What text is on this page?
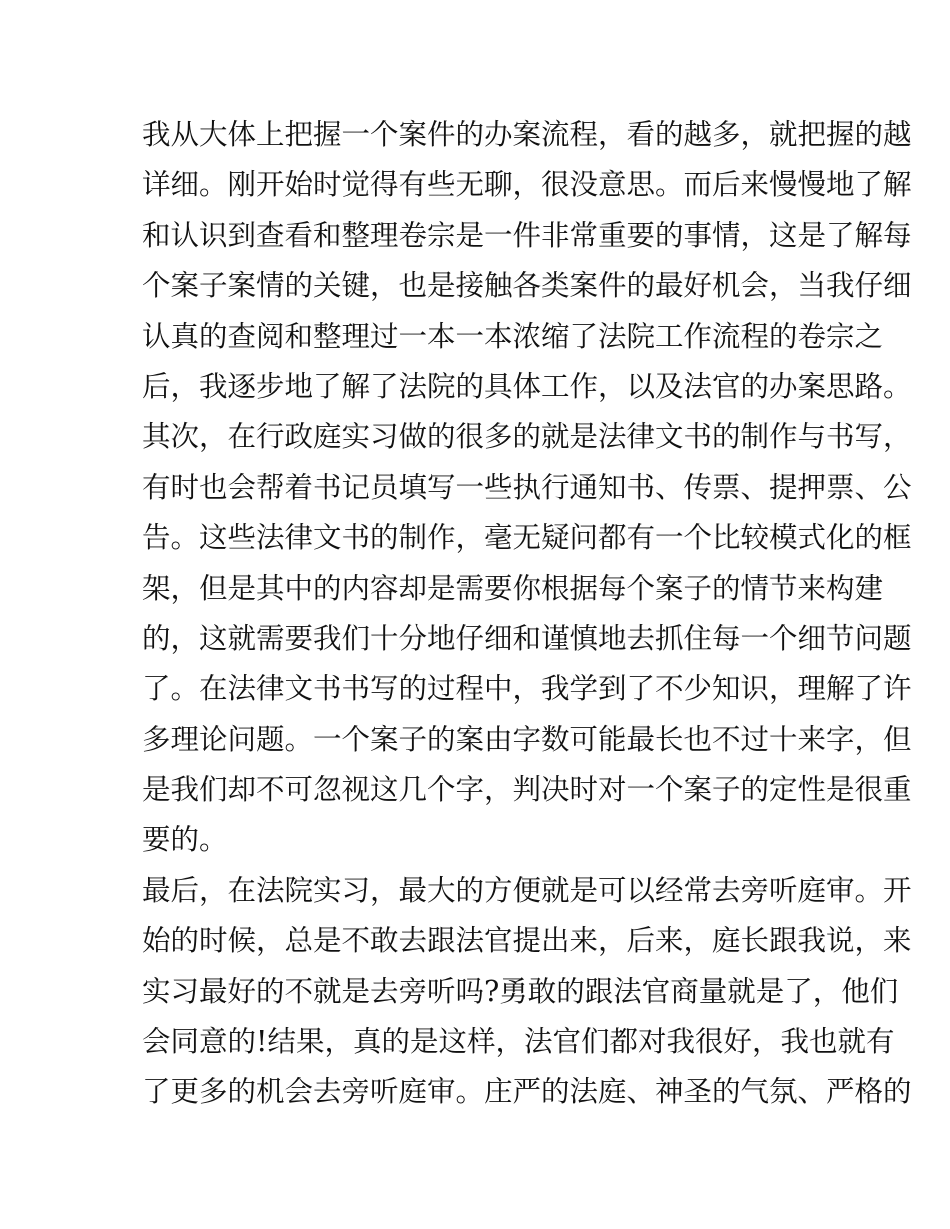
我从大体上把握一个案件的办案流程，看的越多，就把握的越
详细。刚开始时觉得有些无聊，很没意思。而后来慢慢地了解
和认识到查看和整理卷宗是一件非常重要的事情，这是了解每
个案子案情的关键，也是接触各类案件的最好机会，当我仔细
认真的查阅和整理过一本一本浓缩了法院工作流程的卷宗之
后，我逐步地了解了法院的具体工作，以及法官的办案思路。
其次，在行政庭实习做的很多的就是法律文书的制作与书写，
有时也会帮着书记员填写一些执行通知书、传票、提押票、公
告。这些法律文书的制作，毫无疑问都有一个比较模式化的框
架，但是其中的内容却是需要你根据每个案子的情节来构建
的，这就需要我们十分地仔细和谨慎地去抓住每一个细节问题
了。在法律文书书写的过程中，我学到了不少知识，理解了许
多理论问题。一个案子的案由字数可能最长也不过十来字，但
是我们却不可忽视这几个字，判决时对一个案子的定性是很重
要的。
最后，在法院实习，最大的方便就是可以经常去旁听庭审。开
始的时候，总是不敢去跟法官提出来，后来，庭长跟我说，来
实习最好的不就是去旁听吗?勇敢的跟法官商量就是了，他们
会同意的!结果，真的是这样，法官们都对我很好，我也就有
了更多的机会去旁听庭审。庄严的法庭、神圣的气氛、严格的
